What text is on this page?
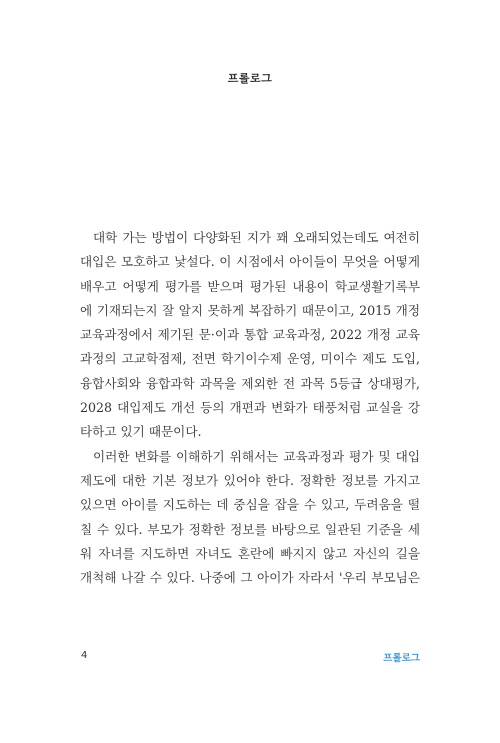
프롤로그
대학 가는 방법이 다양화된 지가 꽤 오래되었는데도 여전히
대입은 모호하고 낯설다. 이 시점에서 아이들이 무엇을 어떻게
배우고 어떻게 평가를 받으며 평가된 내용이 학교생활기록부
에 기재되는지 잘 알지 못하게 복잡하기 때문이고, 2015 개정
교육과정에서 제기된 문·이과 통합 교육과정, 2022 개정 교육
과정의 고교학점제, 전면 학기이수제 운영, 미이수 제도 도입,
융합사회와 융합과학 과목을 제외한 전 과목 5등급 상대평가,
2028 대입제도 개선 등의 개편과 변화가 태풍처럼 교실을 강
타하고 있기 때문이다.
이러한 변화를 이해하기 위해서는 교육과정과 평가 및 대입
제도에 대한 기본 정보가 있어야 한다. 정확한 정보를 가지고
있으면 아이를 지도하는 데 중심을 잡을 수 있고, 두려움을 떨
칠 수 있다. 부모가 정확한 정보를 바탕으로 일관된 기준을 세
워 자녀를 지도하면 자녀도 혼란에 빠지지 않고 자신의 길을
개척해 나갈 수 있다. 나중에 그 아이가 자라서 '우리 부모님은
4	프롤로그
